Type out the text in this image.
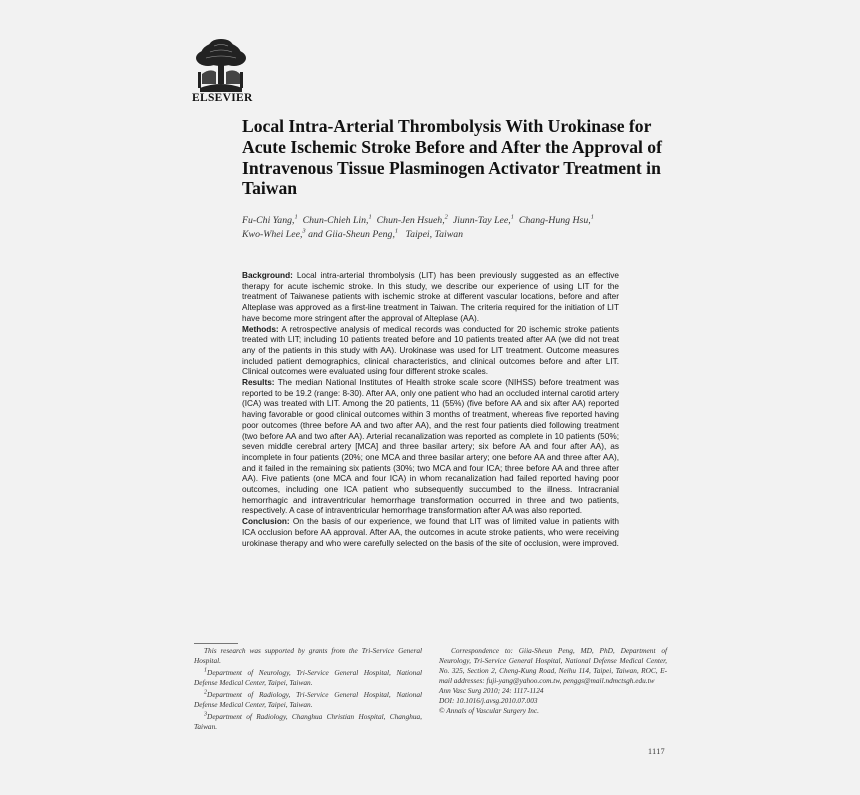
ELSEVIER
Local Intra-Arterial Thrombolysis With Urokinase for Acute Ischemic Stroke Before and After the Approval of Intravenous Tissue Plasminogen Activator Treatment in Taiwan
Fu-Chi Yang,$^1$ Chun-Chieh Lin,$^1$ Chun-Jen Hsueh,$^2$ Jiunn-Tay Lee,$^1$ Chang-Hung Hsu,$^1$
Kwo-Whei Lee,$^3$ and Giia-Sheun Peng,$^1$ Taipei, Taiwan

Background: Local intra-arterial thrombolysis (LIT) has been previously suggested as an effective therapy for acute ischemic stroke. In this study, we describe our experience of using LIT for the treatment of Taiwanese patients with ischemic stroke at different vascular locations, before and after Alteplase was approved as a first-line treatment in Taiwan. The criteria required for the initiation of LIT have become more stringent after the approval of Alteplase (AA).

Methods: A retrospective analysis of medical records was conducted for 20 ischemic stroke patients treated with LIT; including 10 patients treated before and 10 patients treated after AA (we did not treat any of the patients in this study with AA). Urokinase was used for LIT treatment. Outcome measures included patient demographics, clinical characteristics, and clinical outcomes before and after LIT. Clinical outcomes were evaluated using four different stroke scales.

Results: The median National Institutes of Health stroke scale score (NIHSS) before treatment was reported to be 19.2 (range: 8-30). After AA, only one patient who had an occluded internal carotid artery (ICA) was treated with LIT. Among the 20 patients, 11 (55%) (five before AA and six after AA) reported having favorable or good clinical outcomes within 3 months of treatment, whereas five reported having poor outcomes (three before AA and two after AA), and the rest four patients died following treatment (two before AA and two after AA). Arterial recanalization was reported as complete in 10 patients (50%; seven middle cerebral artery [MCA] and three basilar artery; six before AA and four after AA), as incomplete in four patients (20%; one MCA and three basilar artery; one before AA and three after AA), and it failed in the remaining six patients (30%; two MCA and four ICA; three before AA and three after AA). Five patients (one MCA and four ICA) in whom recanalization had failed reported having poor outcomes, including one ICA patient who subsequently succumbed to the illness. Intracranial hemorrhagic and intraventricular hemorrhage transformation occurred in three and two patients, respectively. A case of intraventricular hemorrhage transformation after AA was also reported.

Conclusion: On the basis of our experience, we found that LIT was of limited value in patients with ICA occlusion before AA approval. After AA, the outcomes in acute stroke patients, who were receiving urokinase therapy and who were carefully selected on the basis of the site of occlusion, were improved.

This research was supported by grants from the Tri-Service General Hospital.

$^1$Department of Neurology, Tri-Service General Hospital, National Defense Medical Center, Taipei, Taiwan.

$^2$Department of Radiology, Tri-Service General Hospital, National Defense Medical Center, Taipei, Taiwan.

$^3$Department of Radiology, Changhua Christian Hospital, Changhua, Taiwan.

Correspondence to: Giia-Sheun Peng, MD, PhD, Department of Neurology, Tri-Service General Hospital, National Defense Medical Center, No. 325, Section 2, Cheng-Kung Road, Neihu 114, Taipei, Taiwan, ROC, E-mail addresses: fuji-yang@yahoo.com.tw, penggs@mail.ndmctsgh.edu.tw

Ann Vasc Surg 2010; 24: 1117-1124

DOI: 10.1016/j.avsg.2010.07.003

© Annals of Vascular Surgery Inc.

1117
